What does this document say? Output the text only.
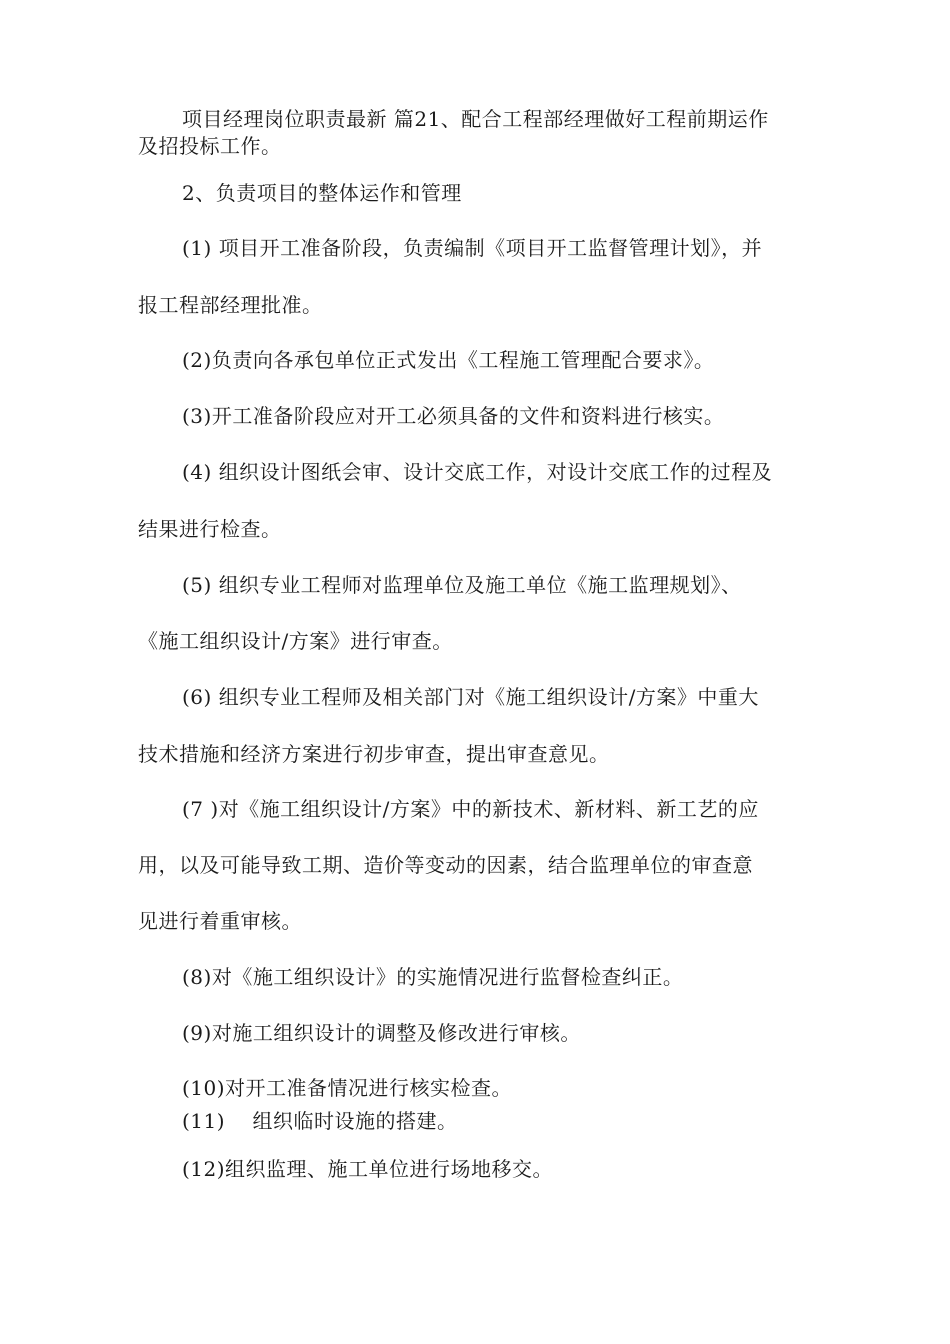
项目经理岗位职责最新 篇21、配合工程部经理做好工程前期运作
及招投标工作。
2、负责项目的整体运作和管理
(1) 项目开工准备阶段，负责编制《项目开工监督管理计划》，并
报工程部经理批准。
(2)负责向各承包单位正式发出《工程施工管理配合要求》。
(3)开工准备阶段应对开工必须具备的文件和资料进行核实。
(4) 组织设计图纸会审、设计交底工作，对设计交底工作的过程及
结果进行检查。
(5) 组织专业工程师对监理单位及施工单位《施工监理规划》、
《施工组织设计/方案》进行审查。
(6) 组织专业工程师及相关部门对《施工组织设计/方案》中重大
技术措施和经济方案进行初步审查，提出审查意见。
(7 )对《施工组织设计/方案》中的新技术、新材料、新工艺的应
用，以及可能导致工期、造价等变动的因素，结合监理单位的审查意
见进行着重审核。
(8)对《施工组织设计》的实施情况进行监督检查纠正。
(9)对施工组织设计的调整及修改进行审核。
(10)对开工准备情况进行核实检查。
(11)    组织临时设施的搭建。
(12)组织监理、施工单位进行场地移交。
